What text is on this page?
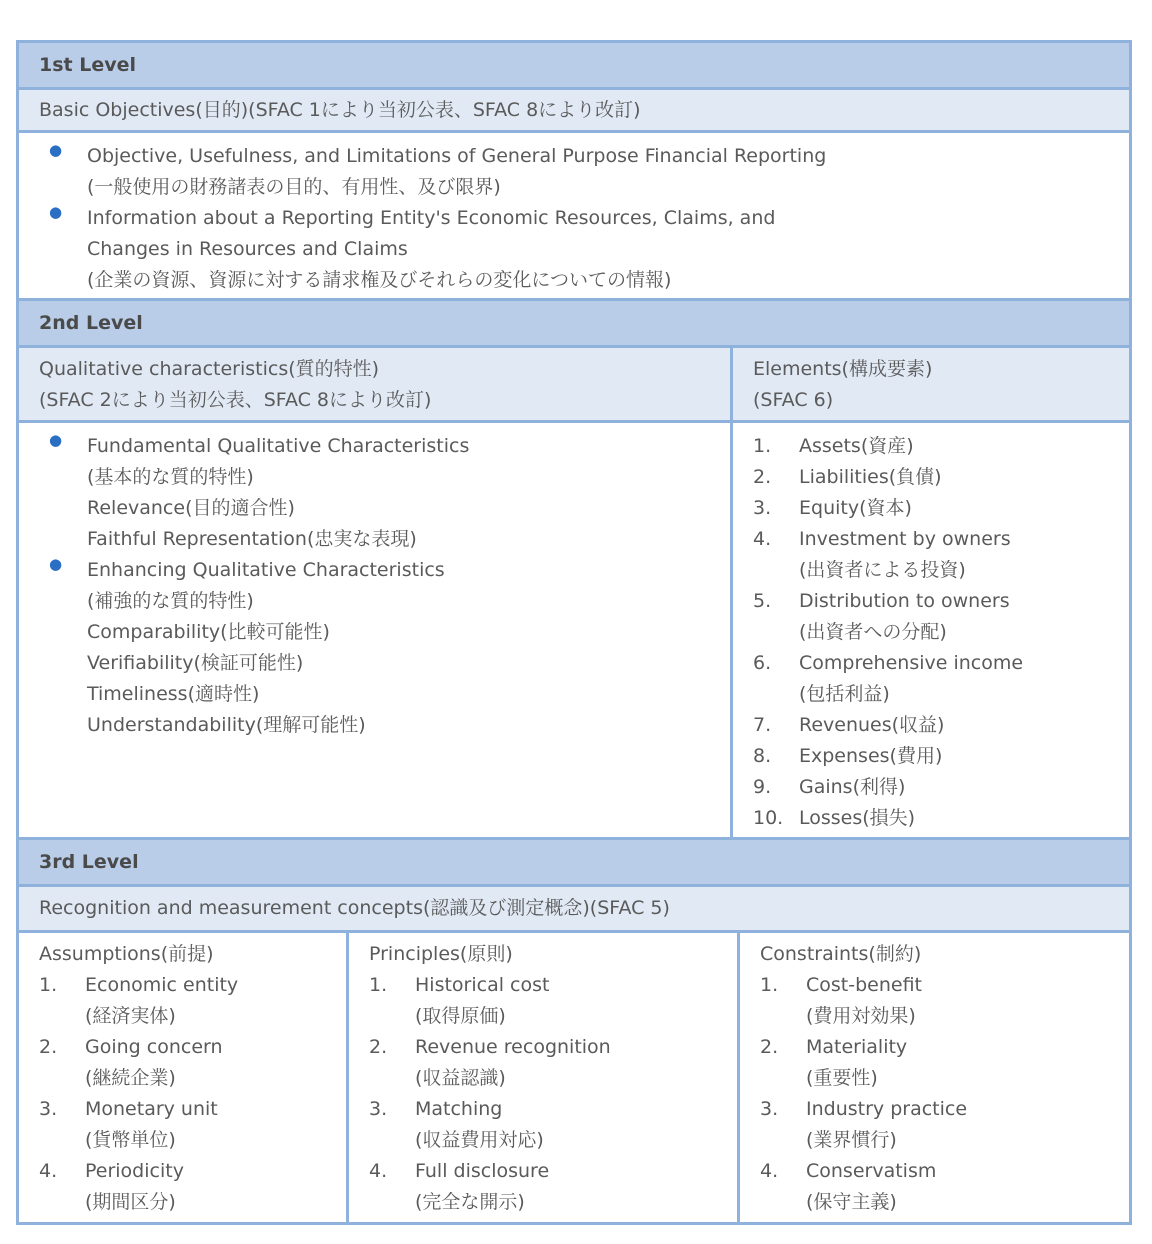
1st Level
Basic Objectives(目的)(SFAC 1により当初公表、SFAC 8により改訂)
● Objective, Usefulness, and Limitations of General Purpose Financial Reporting
(一般使用の財務諸表の目的、有用性、及び限界)
● Information about a Reporting Entity's Economic Resources, Claims, and
Changes in Resources and Claims
(企業の資源、資源に対する請求権及びそれらの変化についての情報)
2nd Level
Qualitative characteristics(質的特性)
(SFAC 2により当初公表、SFAC 8により改訂)
Elements(構成要素)
(SFAC 6)
● Fundamental Qualitative Characteristics
(基本的な質的特性)
Relevance(目的適合性)
Faithful Representation(忠実な表現)
● Enhancing Qualitative Characteristics
(補強的な質的特性)
Comparability(比較可能性)
Verifiability(検証可能性)
Timeliness(適時性)
Understandability(理解可能性)
1. Assets(資産)
2. Liabilities(負債)
3. Equity(資本)
4. Investment by owners
(出資者による投資)
5. Distribution to owners
(出資者への分配)
6. Comprehensive income
(包括利益)
7. Revenues(収益)
8. Expenses(費用)
9. Gains(利得)
10. Losses(損失)
3rd Level
Recognition and measurement concepts(認識及び測定概念)(SFAC 5)
Assumptions(前提)
1. Economic entity
(経済実体)
2. Going concern
(継続企業)
3. Monetary unit
(貨幣単位)
4. Periodicity
(期間区分)
Principles(原則)
1. Historical cost
(取得原価)
2. Revenue recognition
(収益認識)
3. Matching
(収益費用対応)
4. Full disclosure
(完全な開示)
Constraints(制約)
1. Cost-benefit
(費用対効果)
2. Materiality
(重要性)
3. Industry practice
(業界慣行)
4. Conservatism
(保守主義)
